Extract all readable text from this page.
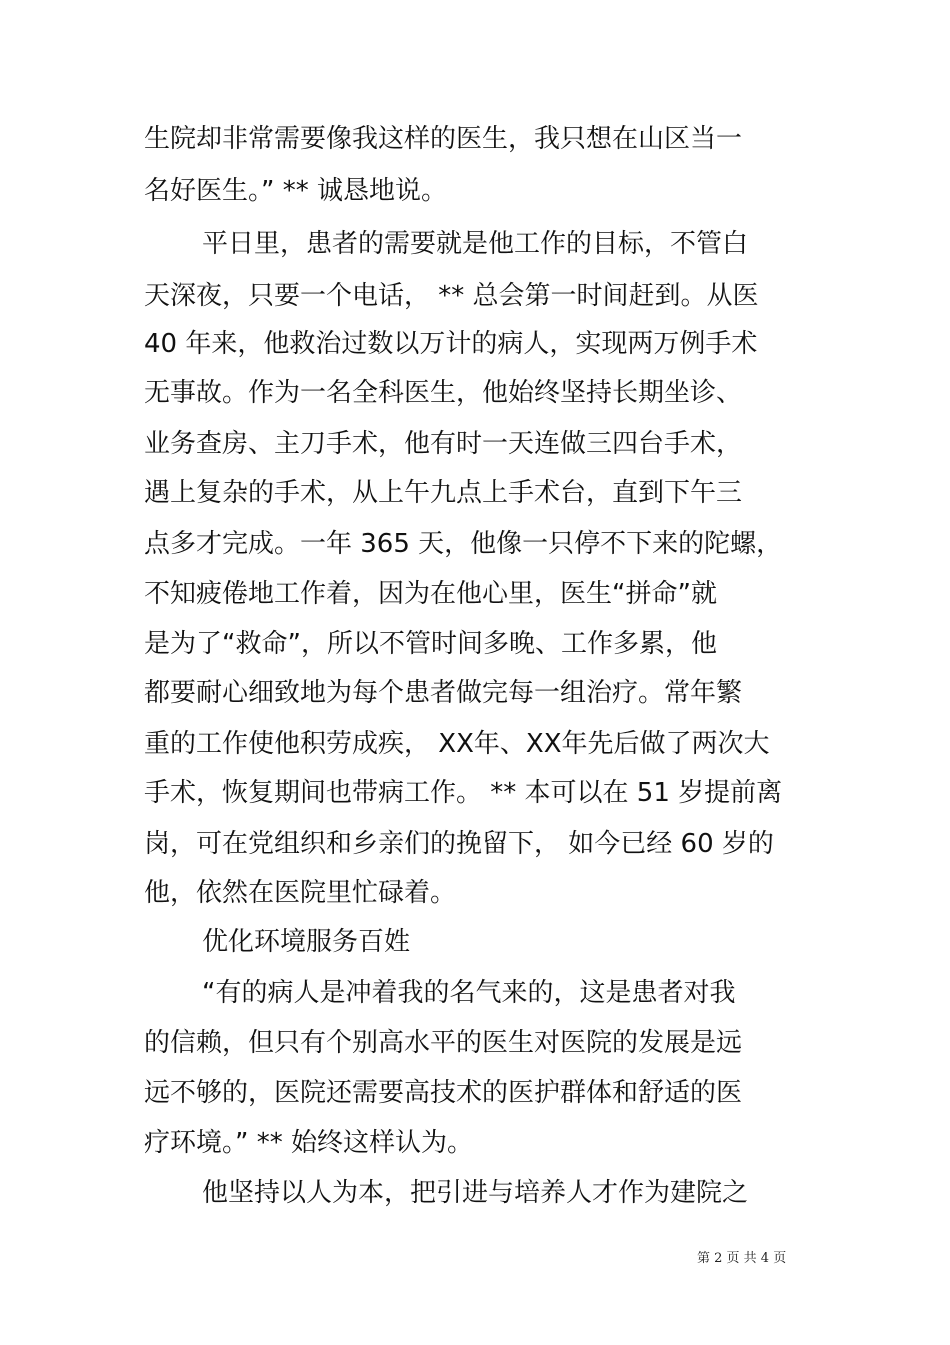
生院却非常需要像我这样的医生，我只想在山区当一
名好医生。” ** 诚恳地说。
平日里，患者的需要就是他工作的目标，不管白
天深夜，只要一个电话， ** 总会第一时间赶到。从医
40 年来，他救治过数以万计的病人，实现两万例手术
无事故。作为一名全科医生，他始终坚持长期坐诊、
业务查房、主刀手术，他有时一天连做三四台手术，
遇上复杂的手术，从上午九点上手术台，直到下午三
点多才完成。一年 365 天，他像一只停不下来的陀螺，
不知疲倦地工作着，因为在他心里，医生“拼命”就
是为了“救命”，所以不管时间多晚、工作多累，他
都要耐心细致地为每个患者做完每一组治疗。常年繁
重的工作使他积劳成疾， XX年、XX年先后做了两次大
手术，恢复期间也带病工作。 ** 本可以在 51 岁提前离
岗，可在党组织和乡亲们的挽留下， 如今已经 60 岁的
他，依然在医院里忙碌着。
优化环境服务百姓
“有的病人是冲着我的名气来的，这是患者对我
的信赖，但只有个别高水平的医生对医院的发展是远
远不够的，医院还需要高技术的医护群体和舒适的医
疗环境。” ** 始终这样认为。
他坚持以人为本，把引进与培养人才作为建院之
第 2 页 共 4 页
